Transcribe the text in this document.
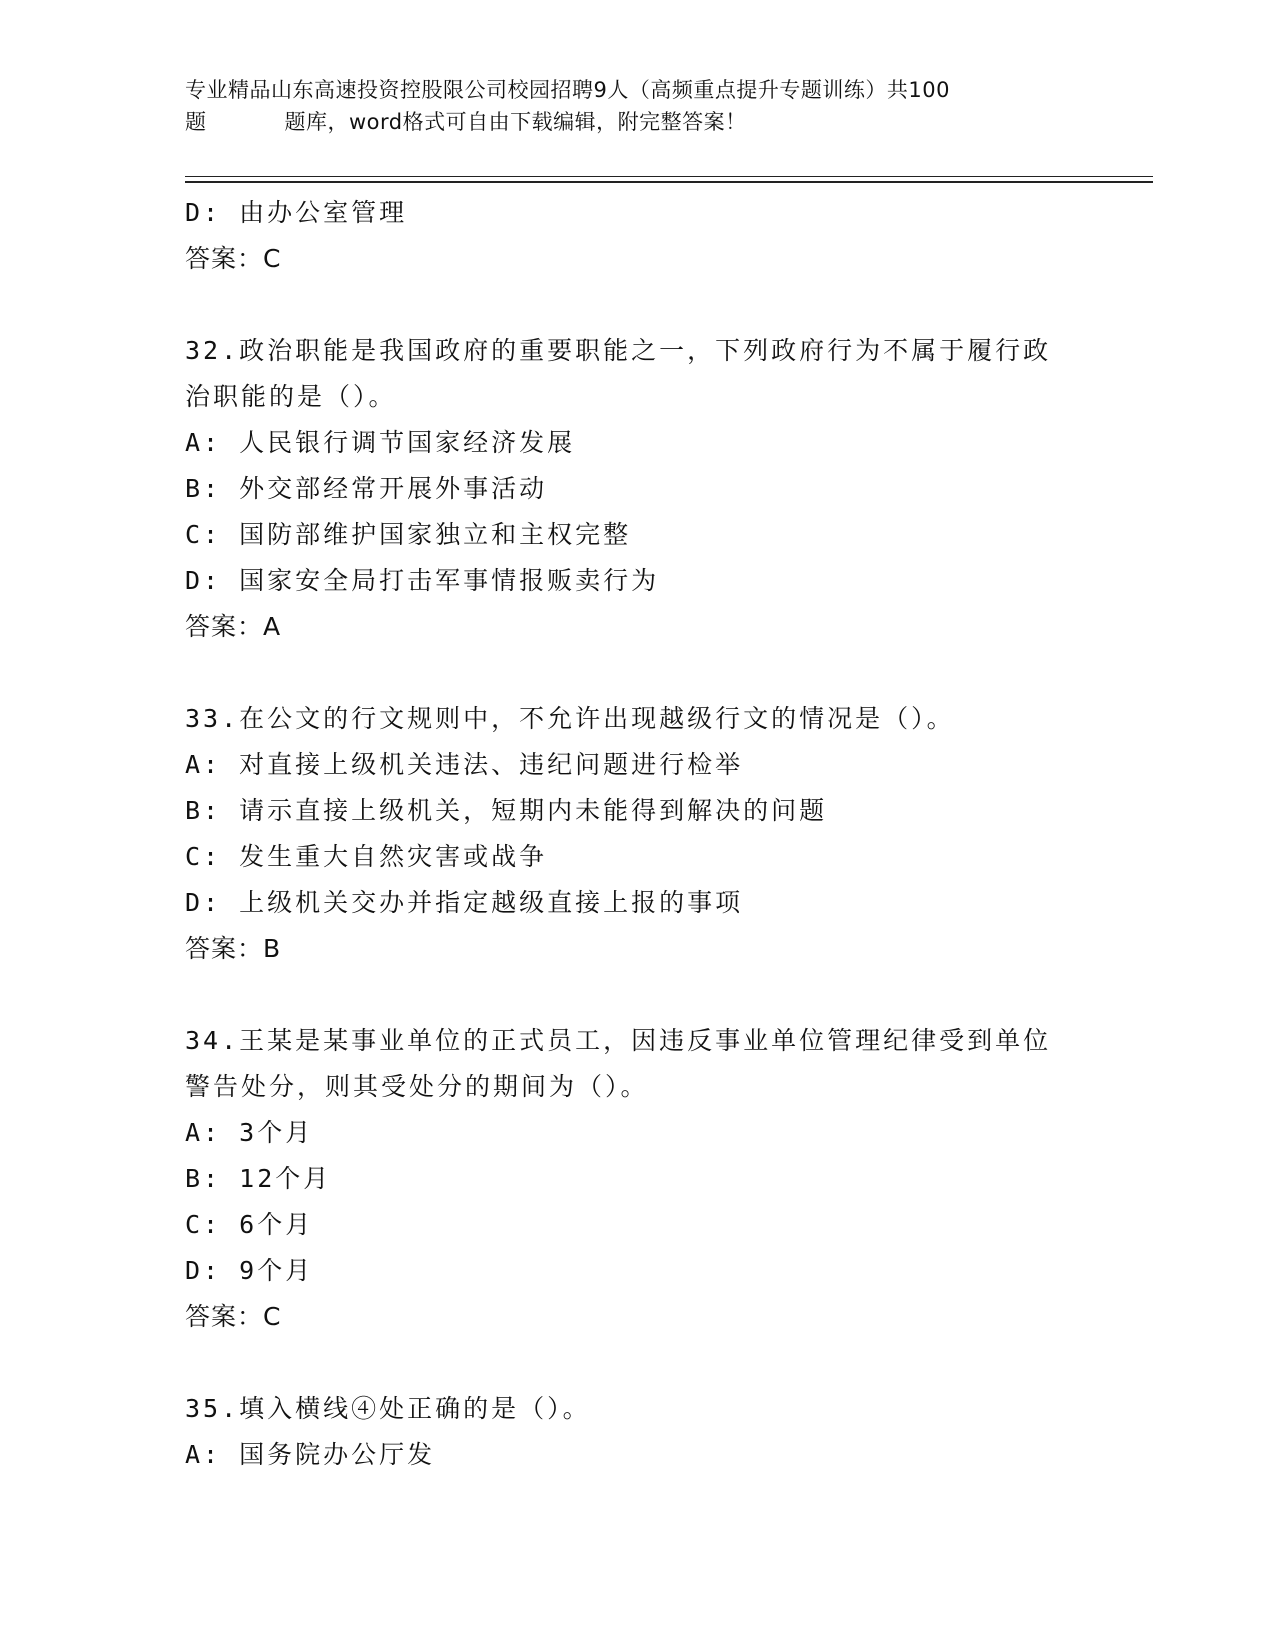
专业精品山东高速投资控股限公司校园招聘9人（高频重点提升专题训练）共100
题	题库，word格式可自由下载编辑，附完整答案！
D: 由办公室管理
答案：C
32.政治职能是我国政府的重要职能之一，下列政府行为不属于履行政
治职能的是（）。
A: 人民银行调节国家经济发展
B: 外交部经常开展外事活动
C: 国防部维护国家独立和主权完整
D: 国家安全局打击军事情报贩卖行为
答案：A
33.在公文的行文规则中，不允许出现越级行文的情况是（）。
A: 对直接上级机关违法、违纪问题进行检举
B: 请示直接上级机关，短期内未能得到解决的问题
C: 发生重大自然灾害或战争
D: 上级机关交办并指定越级直接上报的事项
答案：B
34.王某是某事业单位的正式员工，因违反事业单位管理纪律受到单位
警告处分，则其受处分的期间为（）。
A: 3个月
B: 12个月
C: 6个月
D: 9个月
答案：C
35.填入横线④处正确的是（）。
A: 国务院办公厅发
